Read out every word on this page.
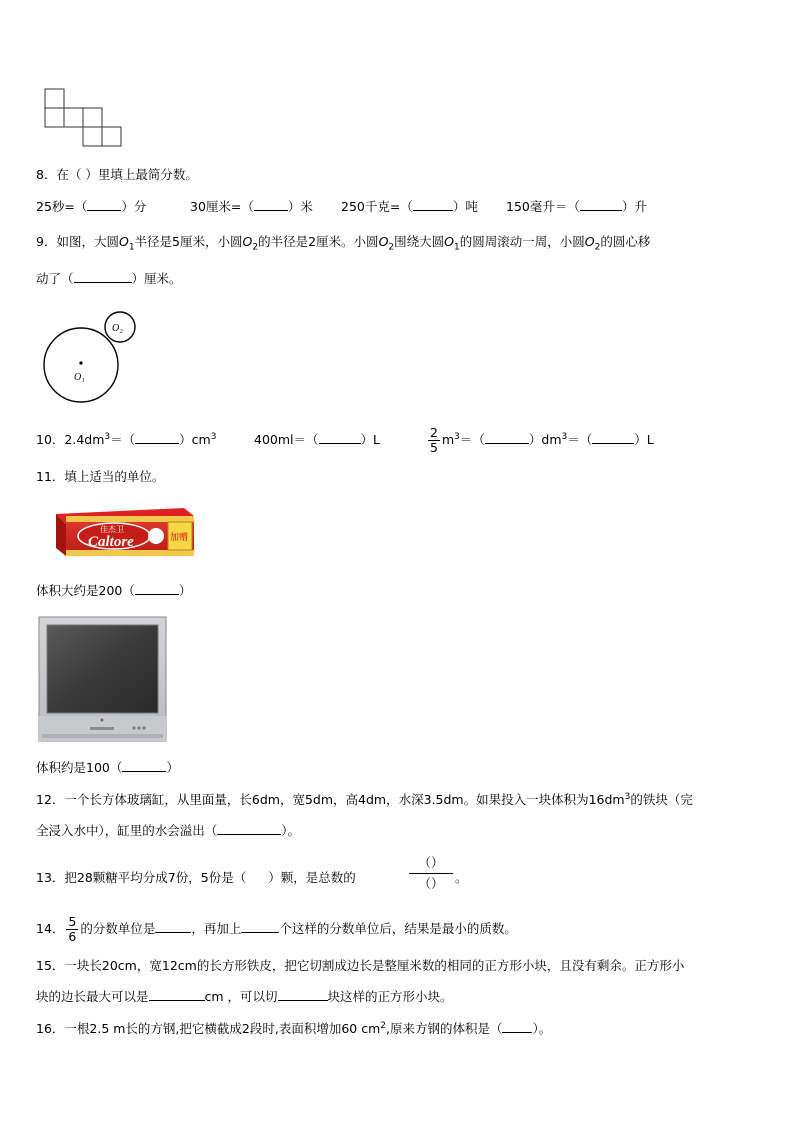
8．在（ ）里填上最简分数。
25秒=（	）分	30厘米=（	）米 250千克=（	）吨 150毫升＝（	）升
9．如图，大圆$O_1$半径是5厘米，小圆$O_2$的半径是2厘米。小圆$O_2$围绕大圆$O_1$的圆周滚动一周，小圆$O_2$的圆心移
动了（	）厘米。
O₁
O₂
10．$2.4dm^3=$（	）$cm^3$	400ml＝（	）L	$\frac{2}{5} m^3=$（	）$dm^3=$（	）L
11．填上适当的单位。
佳杰卫
Caltore	加赠
体积大约是200（	）
体积约是100（	）
12．一个长方体玻璃缸，从里面量，长6dm，宽5dm，高4dm，水深3.5dm。如果投入一块体积为$16dm^3$的铁块（完
全浸入水中），缸里的水会溢出（	）。
13．把28颗糖平均分成7份，5份是（ ）颗，是总数的
（）
（） 。
14． $\frac{5}{6}$ 的分数单位是	，再加上	个这样的分数单位后，结果是最小的质数。
15．一块长20cm，宽12cm的长方形铁皮，把它切割成边长是整厘米数的相同的正方形小块，且没有剩余。正方形小
块的边长最大可以是	cm ，可以切	块这样的正方形小块。
16．一根2.5 m长的方钢,把它横截成2段时,表面积增加60 $cm^2$,原来方钢的体积是（ ）。
